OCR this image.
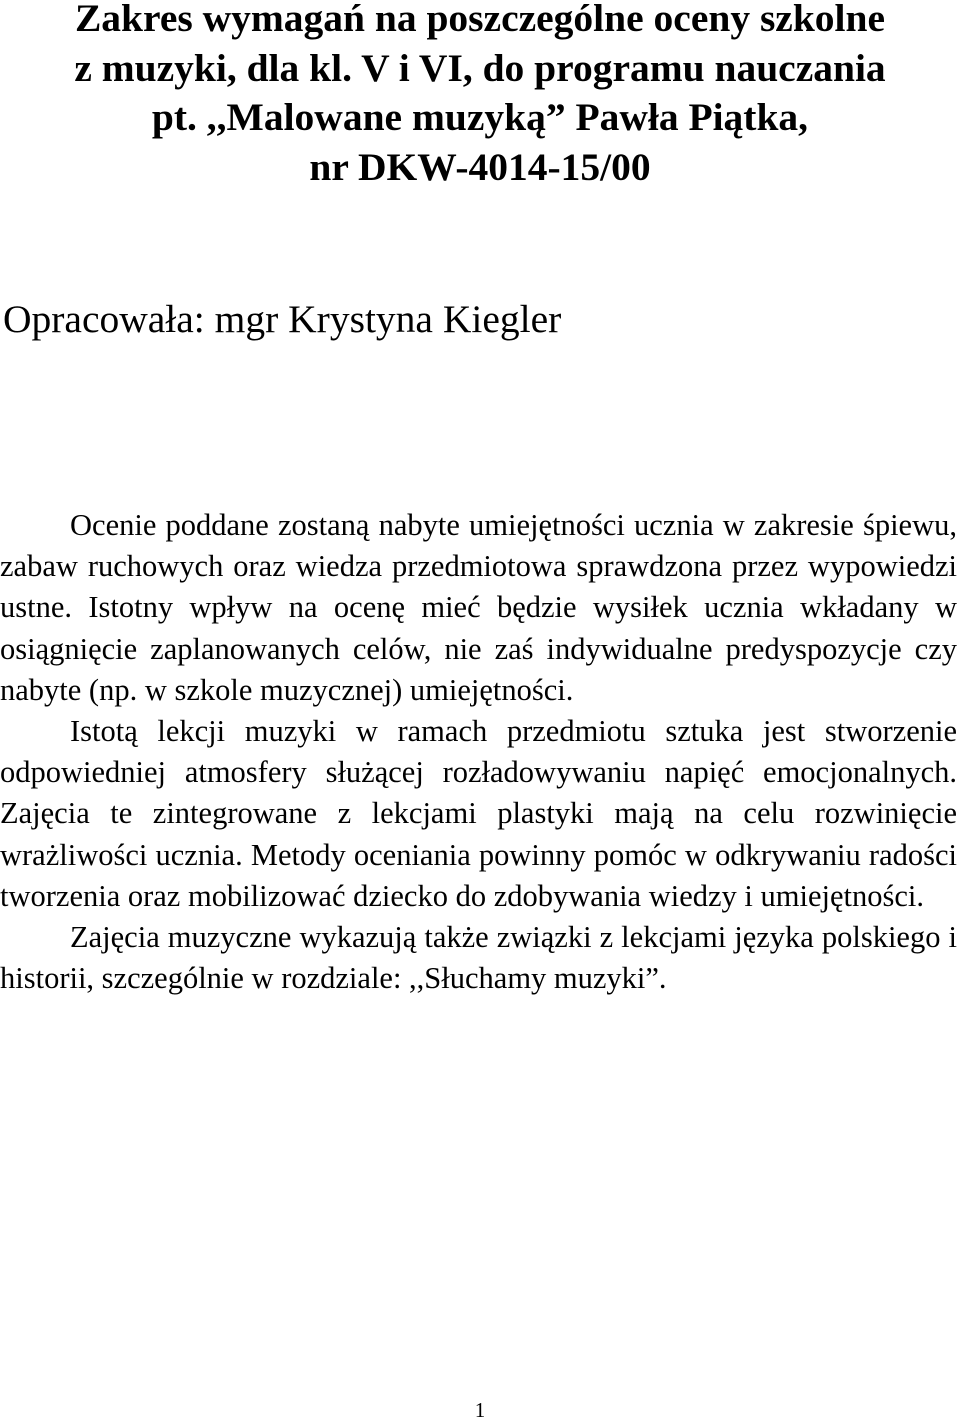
Zakres wymagań na poszczególne oceny szkolne
z muzyki, dla kl. V i VI, do programu nauczania
pt. ,,Malowane muzyką” Pawła Piątka,
nr DKW-4014-15/00

Opracowała: mgr Krystyna Kiegler

Ocenie poddane zostaną nabyte umiejętności ucznia w zakresie śpiewu, zabaw ruchowych oraz wiedza przedmiotowa sprawdzona przez wypowiedzi ustne. Istotny wpływ na ocenę mieć będzie wysiłek ucznia wkładany w osiągnięcie zaplanowanych celów, nie zaś indywidualne predyspozycje czy nabyte (np. w szkole muzycznej) umiejętności.

Istotą lekcji muzyki w ramach przedmiotu sztuka jest stworzenie odpowiedniej atmosfery służącej rozładowywaniu napięć emocjonalnych. Zajęcia te zintegrowane z lekcjami plastyki mają na celu rozwinięcie wrażliwości ucznia. Metody oceniania powinny pomóc w odkrywaniu radości tworzenia oraz mobilizować dziecko do zdobywania wiedzy i umiejętności.

Zajęcia muzyczne wykazują także związki z lekcjami języka polskiego i historii, szczególnie w rozdziale: ,,Słuchamy muzyki”.

1
